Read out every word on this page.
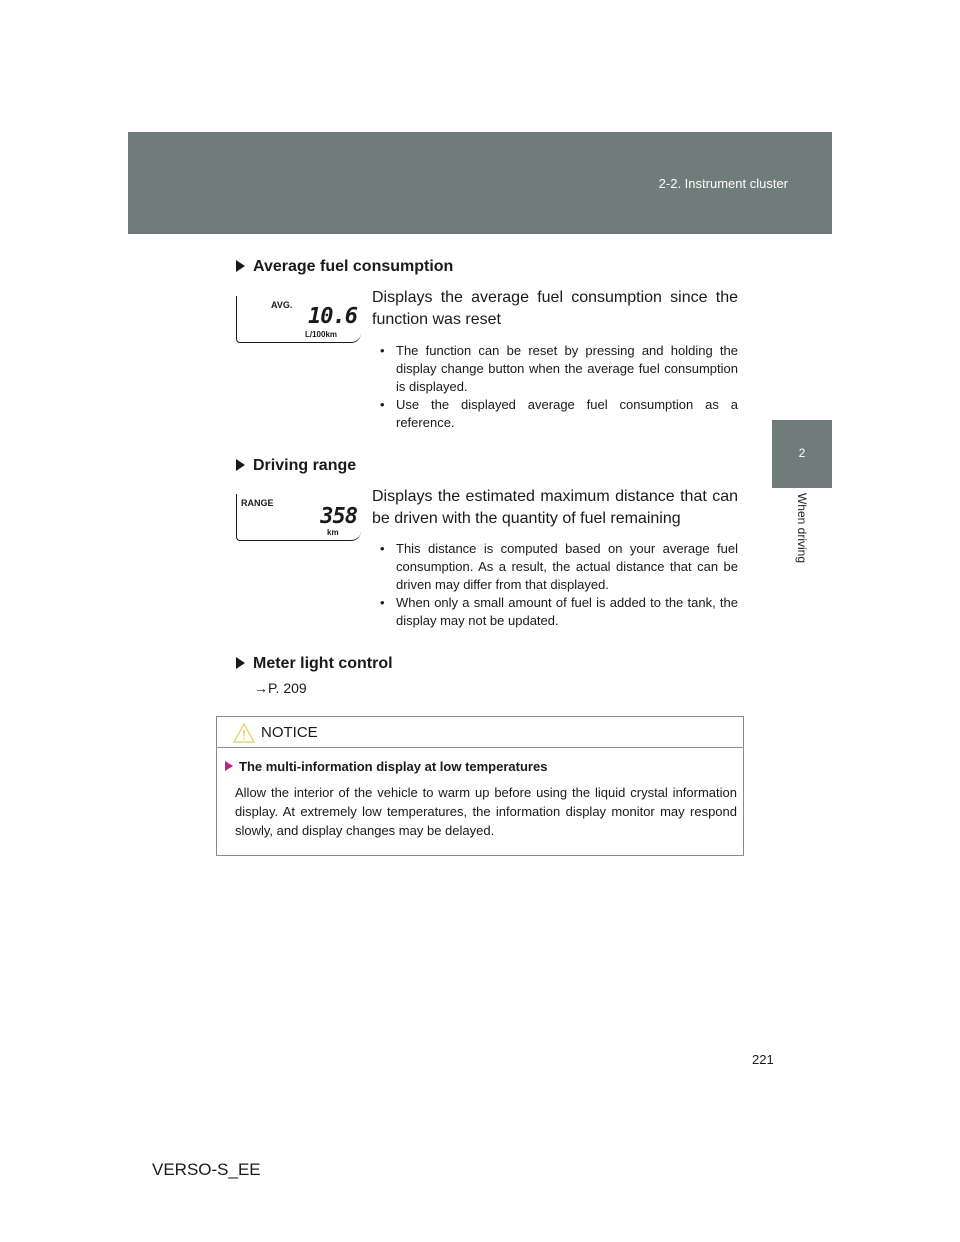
2-2. Instrument cluster
2
When driving
Average fuel consumption
AVG. 10.6
L/100km
Displays the average fuel consumption since the function was reset
• The function can be reset by pressing and holding the display change button when the average fuel consumption is displayed.
• Use the displayed average fuel consumption as a reference.
Driving range
RANGE
358
km
Displays the estimated maximum distance that can be driven with the quantity of fuel remaining
• This distance is computed based on your average fuel consumption. As a result, the actual distance that can be driven may differ from that displayed.
• When only a small amount of fuel is added to the tank, the display may not be updated.
Meter light control
→P. 209
NOTICE
The multi-information display at low temperatures
Allow the interior of the vehicle to warm up before using the liquid crystal information display. At extremely low temperatures, the information display monitor may respond slowly, and display changes may be delayed.
221
VERSO-S_EE
